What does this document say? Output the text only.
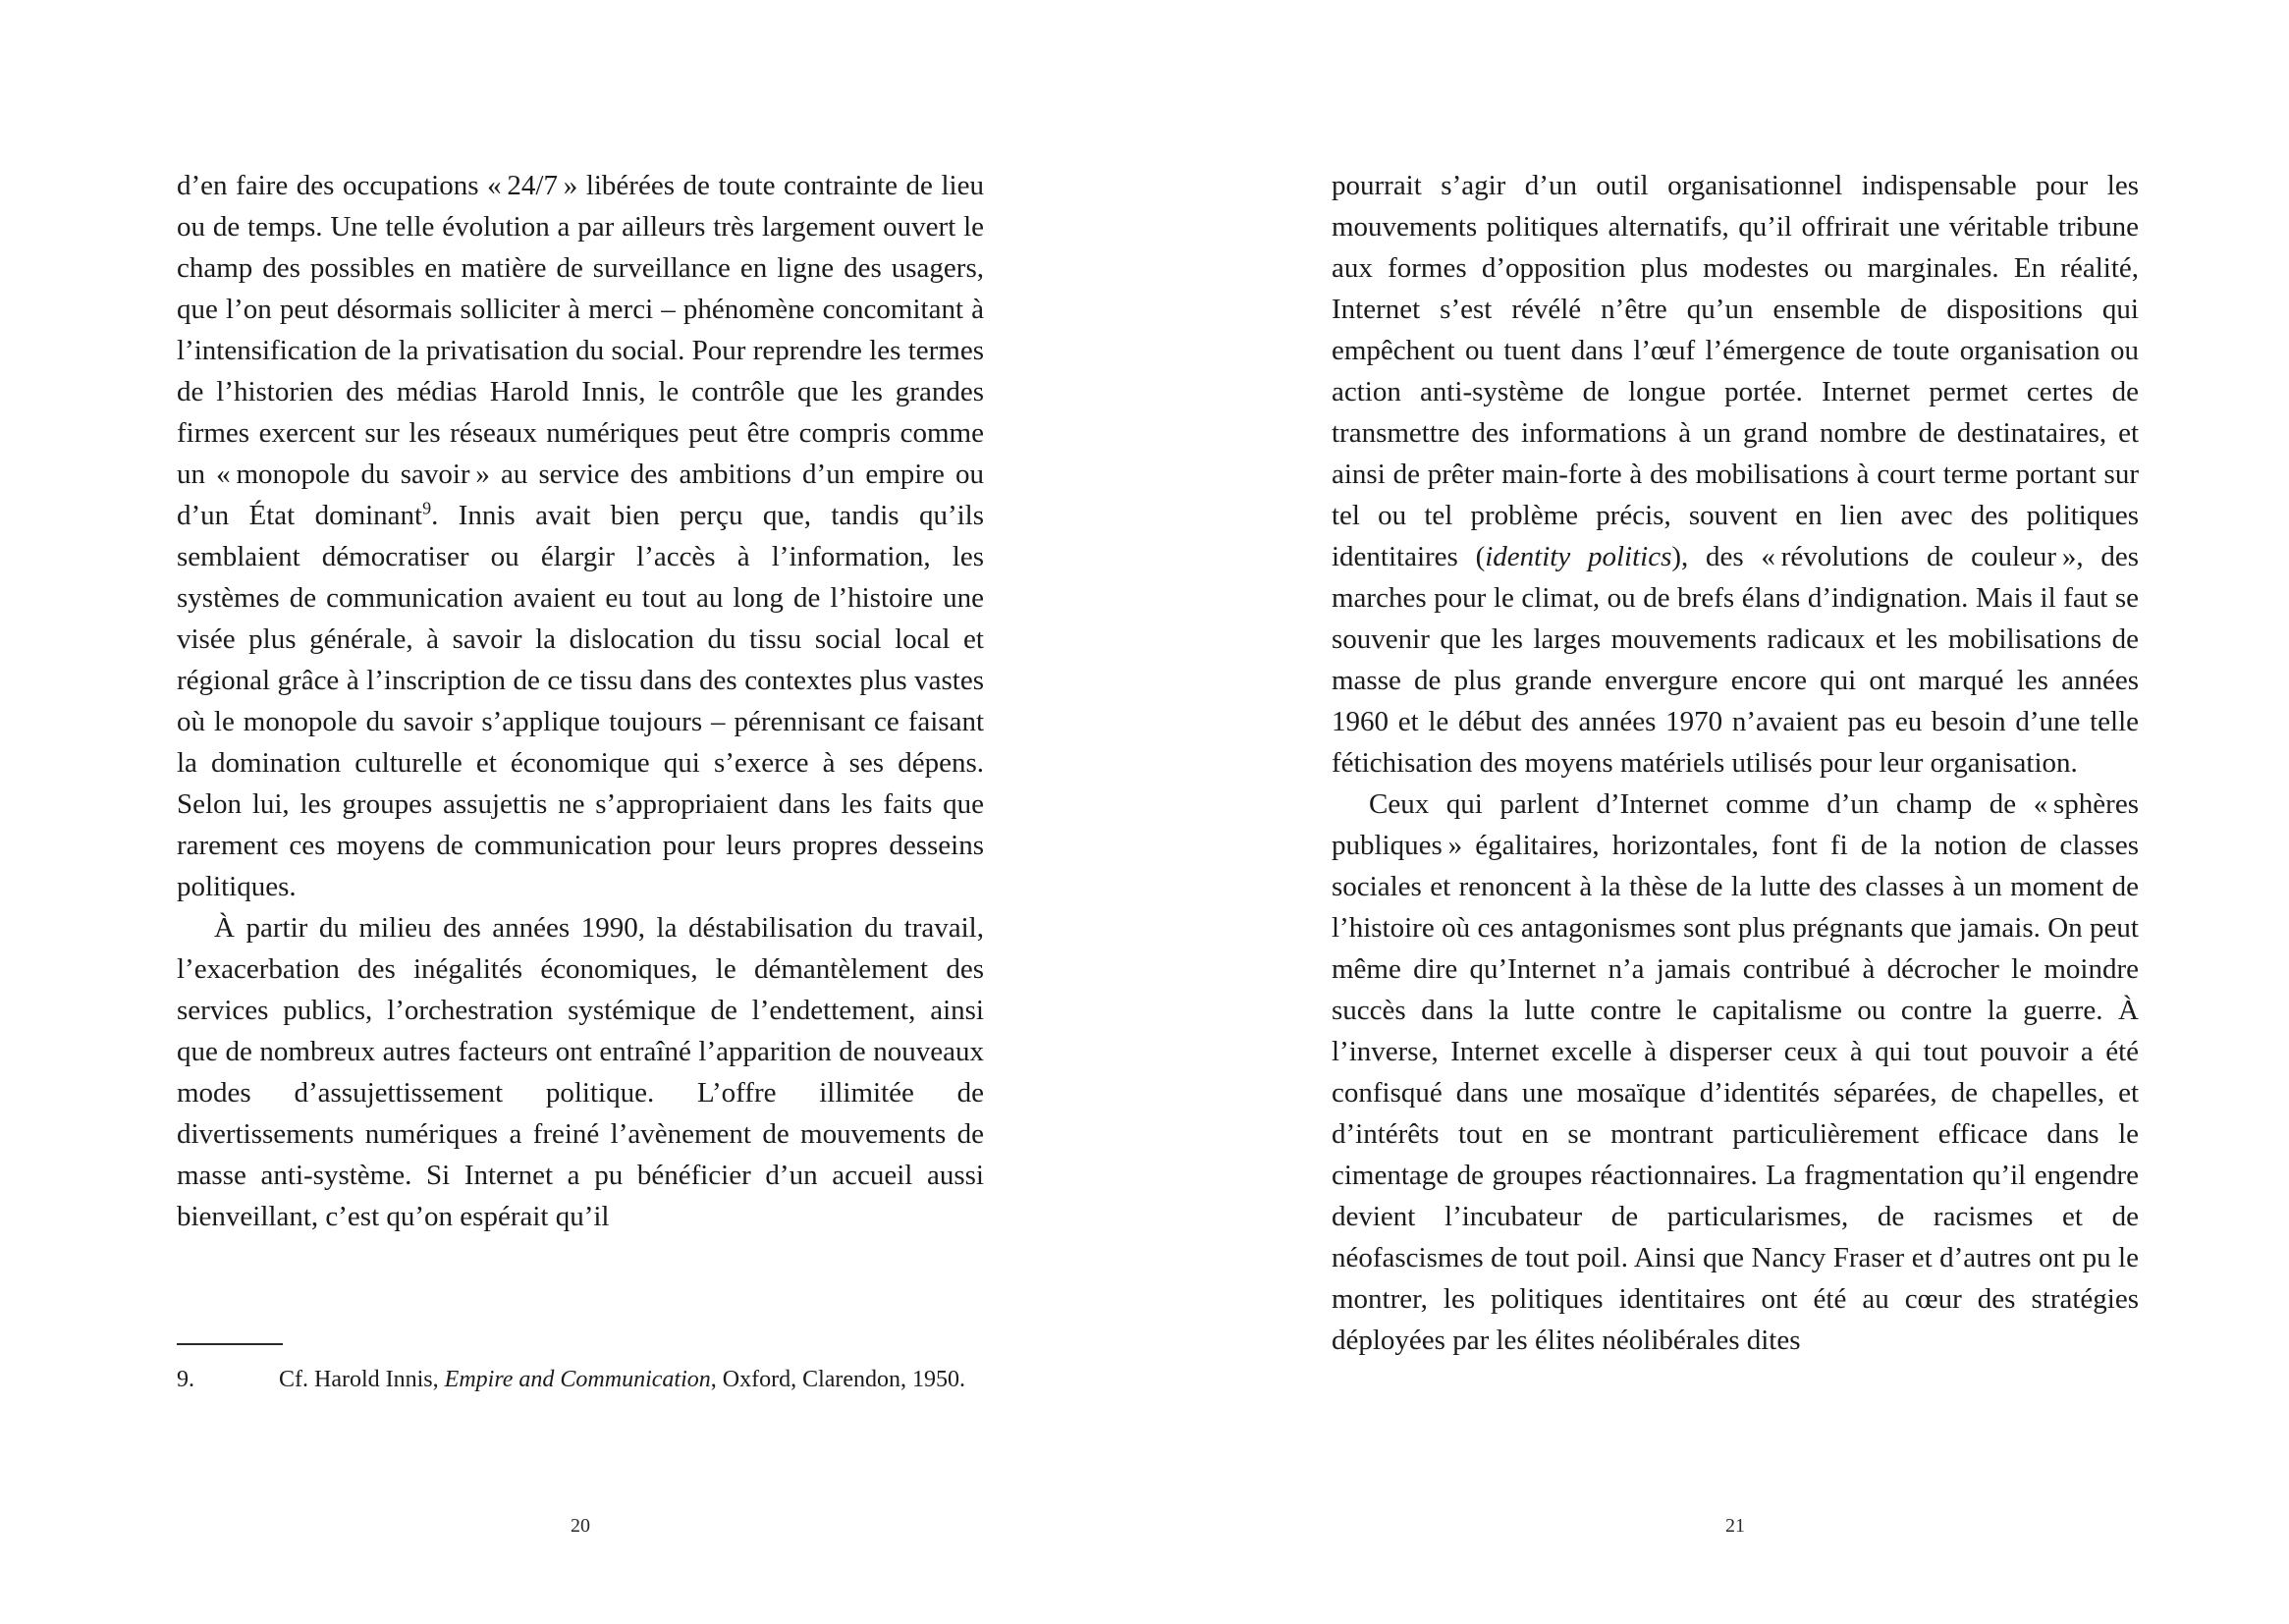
d’en faire des occupations « 24/7 » libérées de toute contrainte de lieu ou de temps. Une telle évolution a par ailleurs très largement ouvert le champ des possibles en matière de surveillance en ligne des usagers, que l’on peut désormais solliciter à merci – phénomène concomitant à l’intensification de la privatisation du social. Pour reprendre les termes de l’historien des médias Harold Innis, le contrôle que les grandes firmes exercent sur les réseaux numériques peut être compris comme un « monopole du savoir » au service des ambitions d’un empire ou d’un État dominant$^9$. Innis avait bien perçu que, tandis qu’ils semblaient démocratiser ou élargir l’accès à l’information, les systèmes de communication avaient eu tout au long de l’histoire une visée plus générale, à savoir la dislocation du tissu social local et régional grâce à l’inscription de ce tissu dans des contextes plus vastes où le monopole du savoir s’applique toujours – pérennisant ce faisant la domination culturelle et économique qui s’exerce à ses dépens. Selon lui, les groupes assujettis ne s’appropriaient dans les faits que rarement ces moyens de communication pour leurs propres desseins politiques.

À partir du milieu des années 1990, la déstabilisation du travail, l’exacerbation des inégalités économiques, le démantèlement des services publics, l’orchestration systémique de l’endettement, ainsi que de nombreux autres facteurs ont entraîné l’apparition de nouveaux modes d’assujettissement politique. L’offre illimitée de divertissements numériques a freiné l’avènement de mouvements de masse anti-système. Si Internet a pu bénéficier d’un accueil aussi bienveillant, c’est qu’on espérait qu’il

9.	Cf. Harold Innis, Empire and Communication, Oxford, Clarendon, 1950.
20

pourrait s’agir d’un outil organisationnel indispensable pour les mouvements politiques alternatifs, qu’il offrirait une véritable tribune aux formes d’opposition plus modestes ou marginales. En réalité, Internet s’est révélé n’être qu’un ensemble de dispositions qui empêchent ou tuent dans l’œuf l’émergence de toute organisation ou action anti-système de longue portée. Internet permet certes de transmettre des informations à un grand nombre de destinataires, et ainsi de prêter main-forte à des mobilisations à court terme portant sur tel ou tel problème précis, souvent en lien avec des politiques identitaires (identity politics), des « révolutions de couleur », des marches pour le climat, ou de brefs élans d’indignation. Mais il faut se souvenir que les larges mouvements radicaux et les mobilisations de masse de plus grande envergure encore qui ont marqué les années 1960 et le début des années 1970 n’avaient pas eu besoin d’une telle fétichisation des moyens matériels utilisés pour leur organisation.

Ceux qui parlent d’Internet comme d’un champ de « sphères publiques » égalitaires, horizontales, font fi de la notion de classes sociales et renoncent à la thèse de la lutte des classes à un moment de l’histoire où ces antagonismes sont plus prégnants que jamais. On peut même dire qu’Internet n’a jamais contribué à décrocher le moindre succès dans la lutte contre le capitalisme ou contre la guerre. À l’inverse, Internet excelle à disperser ceux à qui tout pouvoir a été confisqué dans une mosaïque d’identités séparées, de chapelles, et d’intérêts tout en se montrant particulièrement efficace dans le cimentage de groupes réactionnaires. La fragmentation qu’il engendre devient l’incubateur de particularismes, de racismes et de néofascismes de tout poil. Ainsi que Nancy Fraser et d’autres ont pu le montrer, les politiques identitaires ont été au cœur des stratégies déployées par les élites néolibérales dites

21
